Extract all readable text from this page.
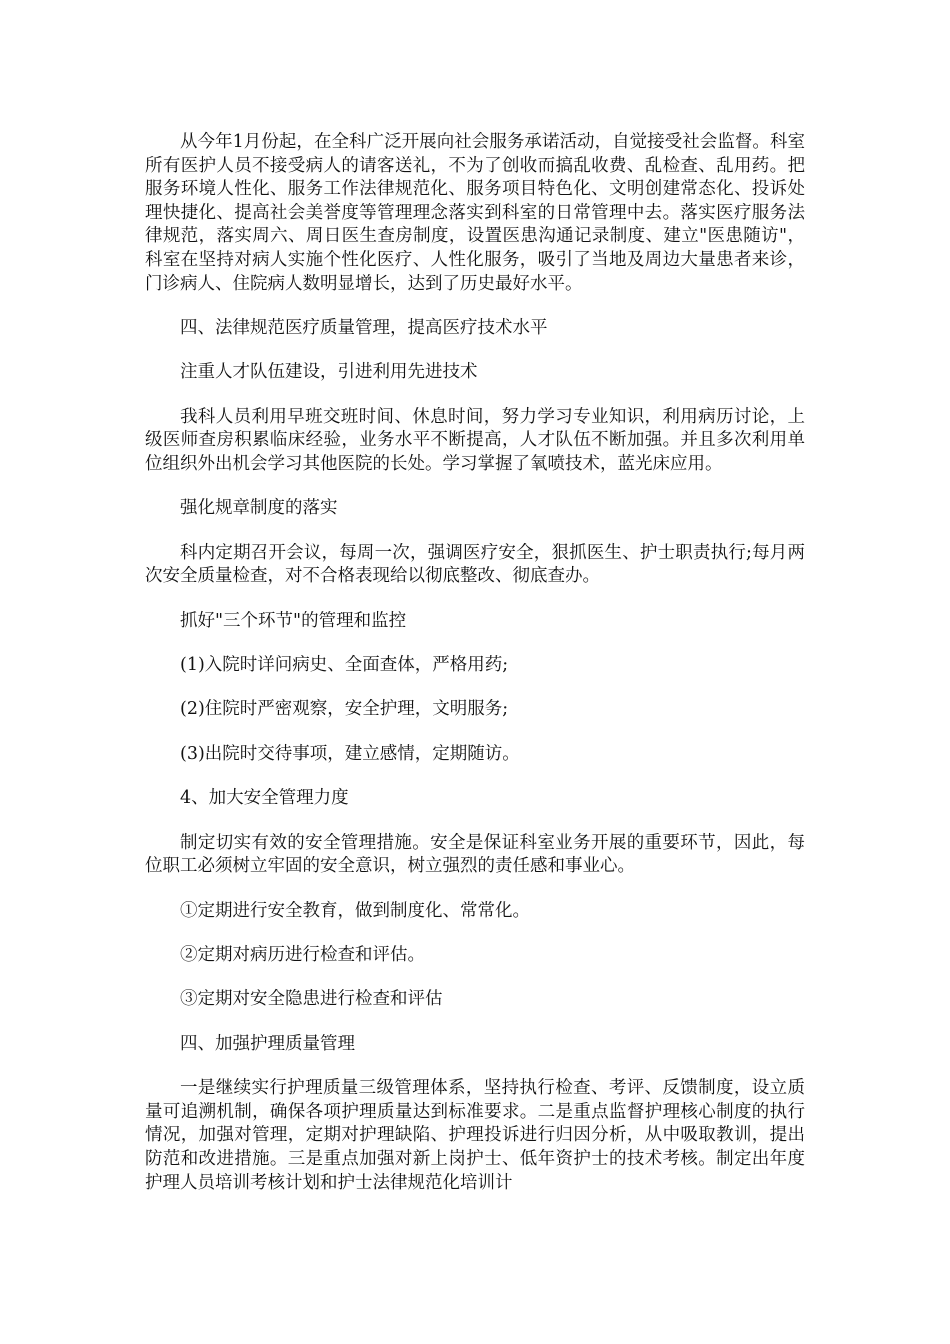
从今年1月份起，在全科广泛开展向社会服务承诺活动，自觉接受社会监督。科室所有医护人员不接受病人的请客送礼，不为了创收而搞乱收费、乱检查、乱用药。把服务环境人性化、服务工作法律规范化、服务项目特色化、文明创建常态化、投诉处理快捷化、提高社会美誉度等管理理念落实到科室的日常管理中去。落实医疗服务法律规范，落实周六、周日医生查房制度，设置医患沟通记录制度、建立"医患随访"，科室在坚持对病人实施个性化医疗、人性化服务，吸引了当地及周边大量患者来诊，门诊病人、住院病人数明显增长，达到了历史最好水平。

四、法律规范医疗质量管理，提高医疗技术水平

注重人才队伍建设，引进利用先进技术

我科人员利用早班交班时间、休息时间，努力学习专业知识，利用病历讨论，上级医师查房积累临床经验，业务水平不断提高，人才队伍不断加强。并且多次利用单位组织外出机会学习其他医院的长处。学习掌握了氧喷技术，蓝光床应用。

强化规章制度的落实

科内定期召开会议，每周一次，强调医疗安全，狠抓医生、护士职责执行;每月两次安全质量检查，对不合格表现给以彻底整改、彻底查办。

抓好"三个环节"的管理和监控

(1)入院时详问病史、全面查体，严格用药;

(2)住院时严密观察，安全护理，文明服务;

(3)出院时交待事项，建立感情，定期随访。

4、加大安全管理力度

制定切实有效的安全管理措施。安全是保证科室业务开展的重要环节，因此，每位职工必须树立牢固的安全意识，树立强烈的责任感和事业心。

①定期进行安全教育，做到制度化、常常化。

②定期对病历进行检查和评估。

③定期对安全隐患进行检查和评估

四、加强护理质量管理

一是继续实行护理质量三级管理体系，坚持执行检查、考评、反馈制度，设立质量可追溯机制，确保各项护理质量达到标准要求。二是重点监督护理核心制度的执行情况，加强对管理，定期对护理缺陷、护理投诉进行归因分析，从中吸取教训，提出防范和改进措施。三是重点加强对新上岗护士、低年资护士的技术考核。制定出年度护理人员培训考核计划和护士法律规范化培训计
